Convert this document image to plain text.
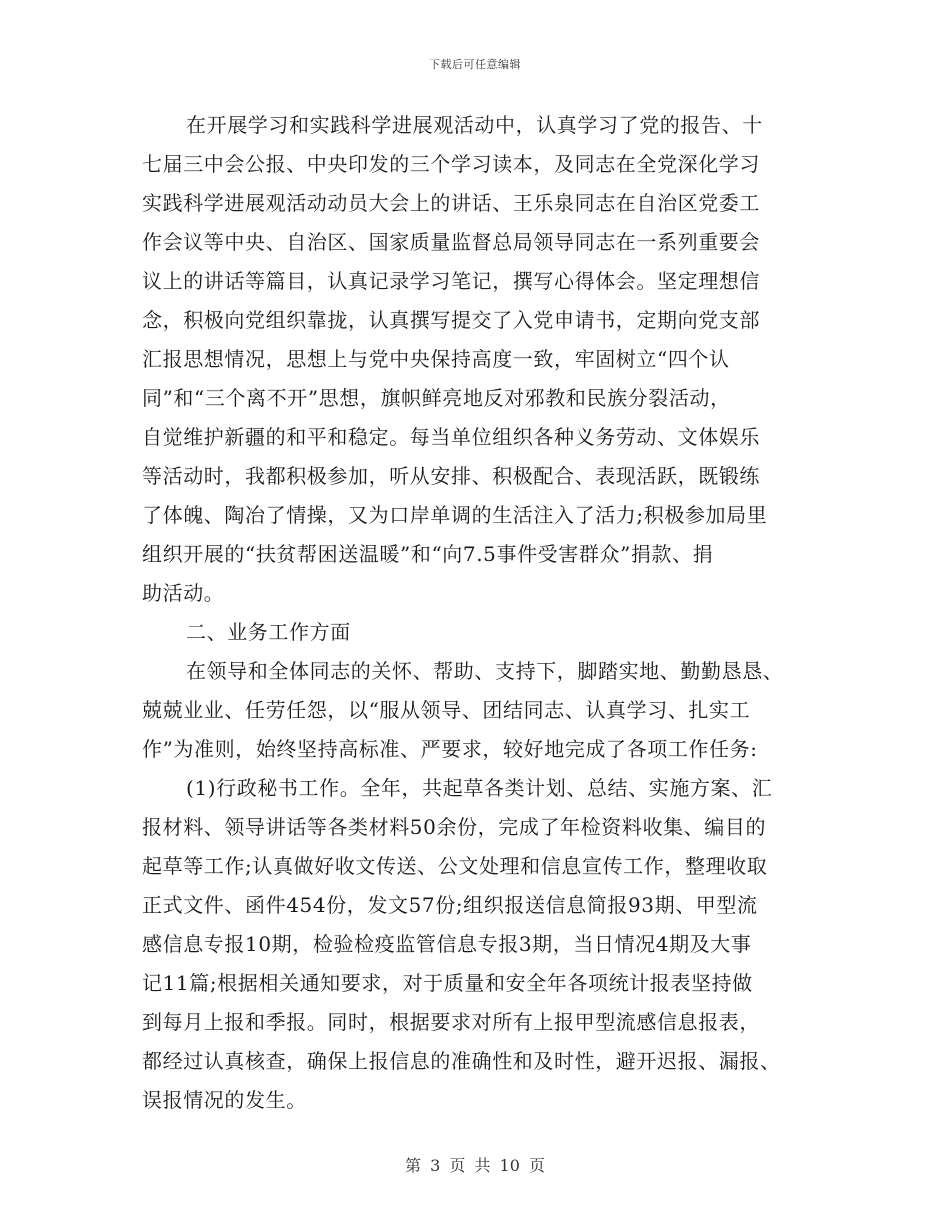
下载后可任意编辑
在开展学习和实践科学进展观活动中，认真学习了党的报告、十
七届三中会公报、中央印发的三个学习读本，及同志在全党深化学习
实践科学进展观活动动员大会上的讲话、王乐泉同志在自治区党委工
作会议等中央、自治区、国家质量监督总局领导同志在一系列重要会
议上的讲话等篇目，认真记录学习笔记，撰写心得体会。坚定理想信
念，积极向党组织靠拢，认真撰写提交了入党申请书，定期向党支部
汇报思想情况，思想上与党中央保持高度一致，牢固树立“四个认
同”和“三个离不开”思想，旗帜鲜亮地反对邪教和民族分裂活动，
自觉维护新疆的和平和稳定。每当单位组织各种义务劳动、文体娱乐
等活动时，我都积极参加，听从安排、积极配合、表现活跃，既锻练
了体魄、陶冶了情操，又为口岸单调的生活注入了活力;积极参加局里
组织开展的“扶贫帮困送温暖”和“向7.5事件受害群众”捐款、捐
助活动。
二、业务工作方面
在领导和全体同志的关怀、帮助、支持下，脚踏实地、勤勤恳恳、
兢兢业业、任劳任怨，以“服从领导、团结同志、认真学习、扎实工
作”为准则，始终坚持高标准、严要求，较好地完成了各项工作任务:
(1)行政秘书工作。全年，共起草各类计划、总结、实施方案、汇
报材料、领导讲话等各类材料50余份，完成了年检资料收集、编目的
起草等工作;认真做好收文传送、公文处理和信息宣传工作，整理收取
正式文件、函件454份，发文57份;组织报送信息简报93期、甲型流
感信息专报10期，检验检疫监管信息专报3期，当日情况4期及大事
记11篇;根据相关通知要求，对于质量和安全年各项统计报表坚持做
到每月上报和季报。同时，根据要求对所有上报甲型流感信息报表，
都经过认真核查，确保上报信息的准确性和及时性，避开迟报、漏报、
误报情况的发生。
第 3 页 共 10 页
